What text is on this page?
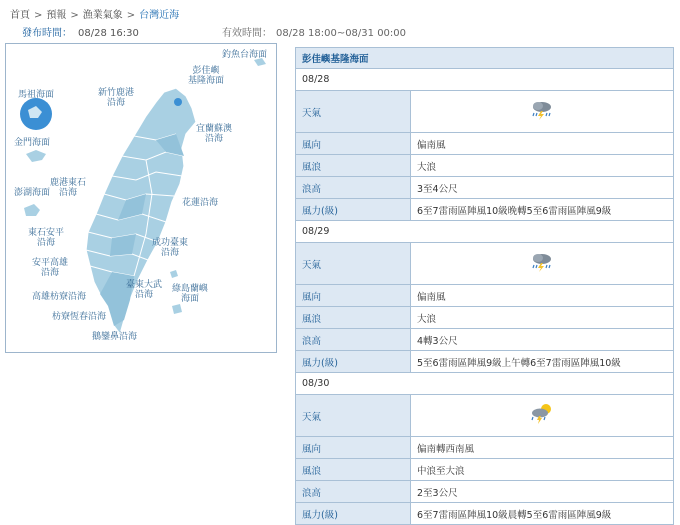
首頁 > 預報 > 漁業氣象 > 台灣近海
發布時間： 08/28 16:30	有效時間： 08/28 18:00~08/31 00:00
釣魚台海面
彭佳嶼
基隆海面
新竹鹿港
沿海
宜蘭蘇澳
沿海
馬祖海面
金門海面
鹿港東石
沿海
澎湖海面
花蓮沿海
東石安平
沿海	成功臺東
沿海
安平高雄
沿海
臺東大武
沿海
綠島蘭嶼
海面
高雄枋寮沿海
枋寮恆春沿海
鵝鑾鼻沿海
彭佳嶼基隆海面	
08/28	
天氣	
風向	偏南風
風浪	大浪
浪高	3至4公尺
風力(級)	6至7雷雨區陣風10級晚轉5至6雷雨區陣風9級
08/29	
天氣	
風向	偏南風
風浪	大浪
浪高	4轉3公尺
風力(級)	5至6雷雨區陣風9級上午轉6至7雷雨區陣風10級
08/30	
天氣	
風向	偏南轉西南風
風浪	中浪至大浪
浪高	2至3公尺
風力(級)	6至7雷雨區陣風10級晨轉5至6雷雨區陣風9級
